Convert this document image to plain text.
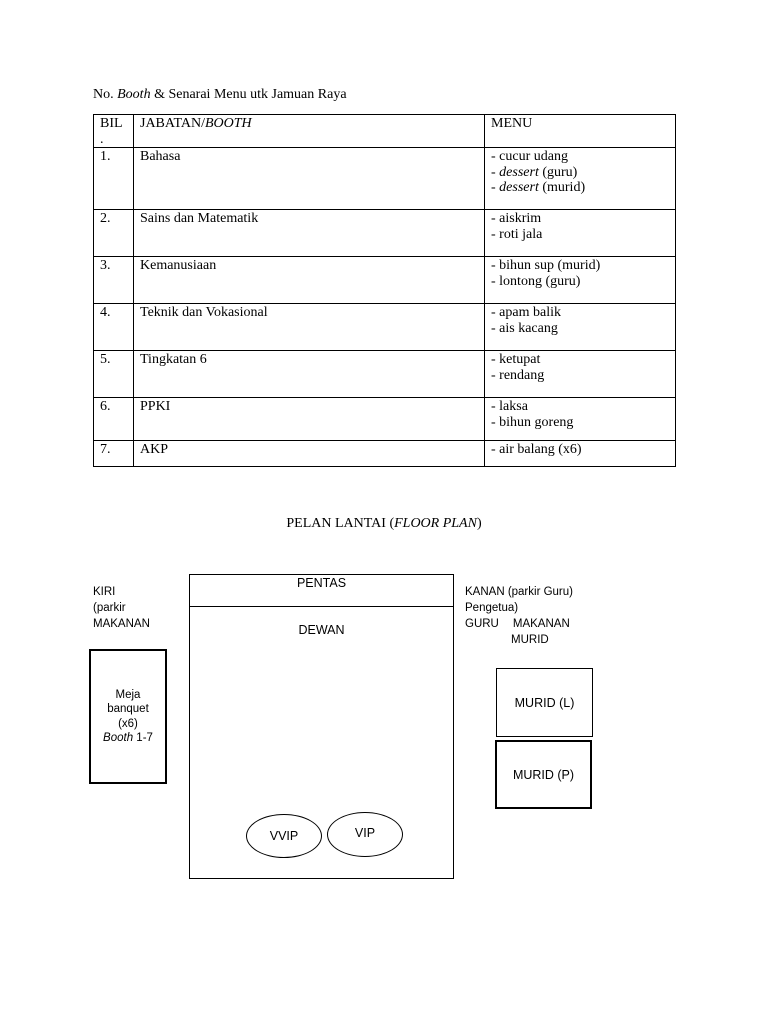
No. Booth & Senarai Menu utk Jamuan Raya
BIL .	JABATAN/BOOTH	MENU
1.	Bahasa	- cucur udang
- dessert (guru)
- dessert (murid)

2.	Sains dan Matematik	- aiskrim
- roti jala

3.	Kemanusiaan	- bihun sup (murid)
- lontong (guru)

4.	Teknik dan Vokasional	- apam balik
- ais kacang

5.	Tingkatan 6	- ketupat
- rendang

6.	PPKI	- laksa
- bihun goreng

7.	AKP	- air balang (x6)
PELAN LANTAI (FLOOR PLAN)
KIRI
(parkir
MAKANAN
Meja
banquet
(x6)
Booth 1-7
PENTAS
DEWAN
VVIP	VIP
KANAN (parkir Guru)
Pengetua)
GURU MAKANAN
MURID
MURID (L)
MURID (P)
